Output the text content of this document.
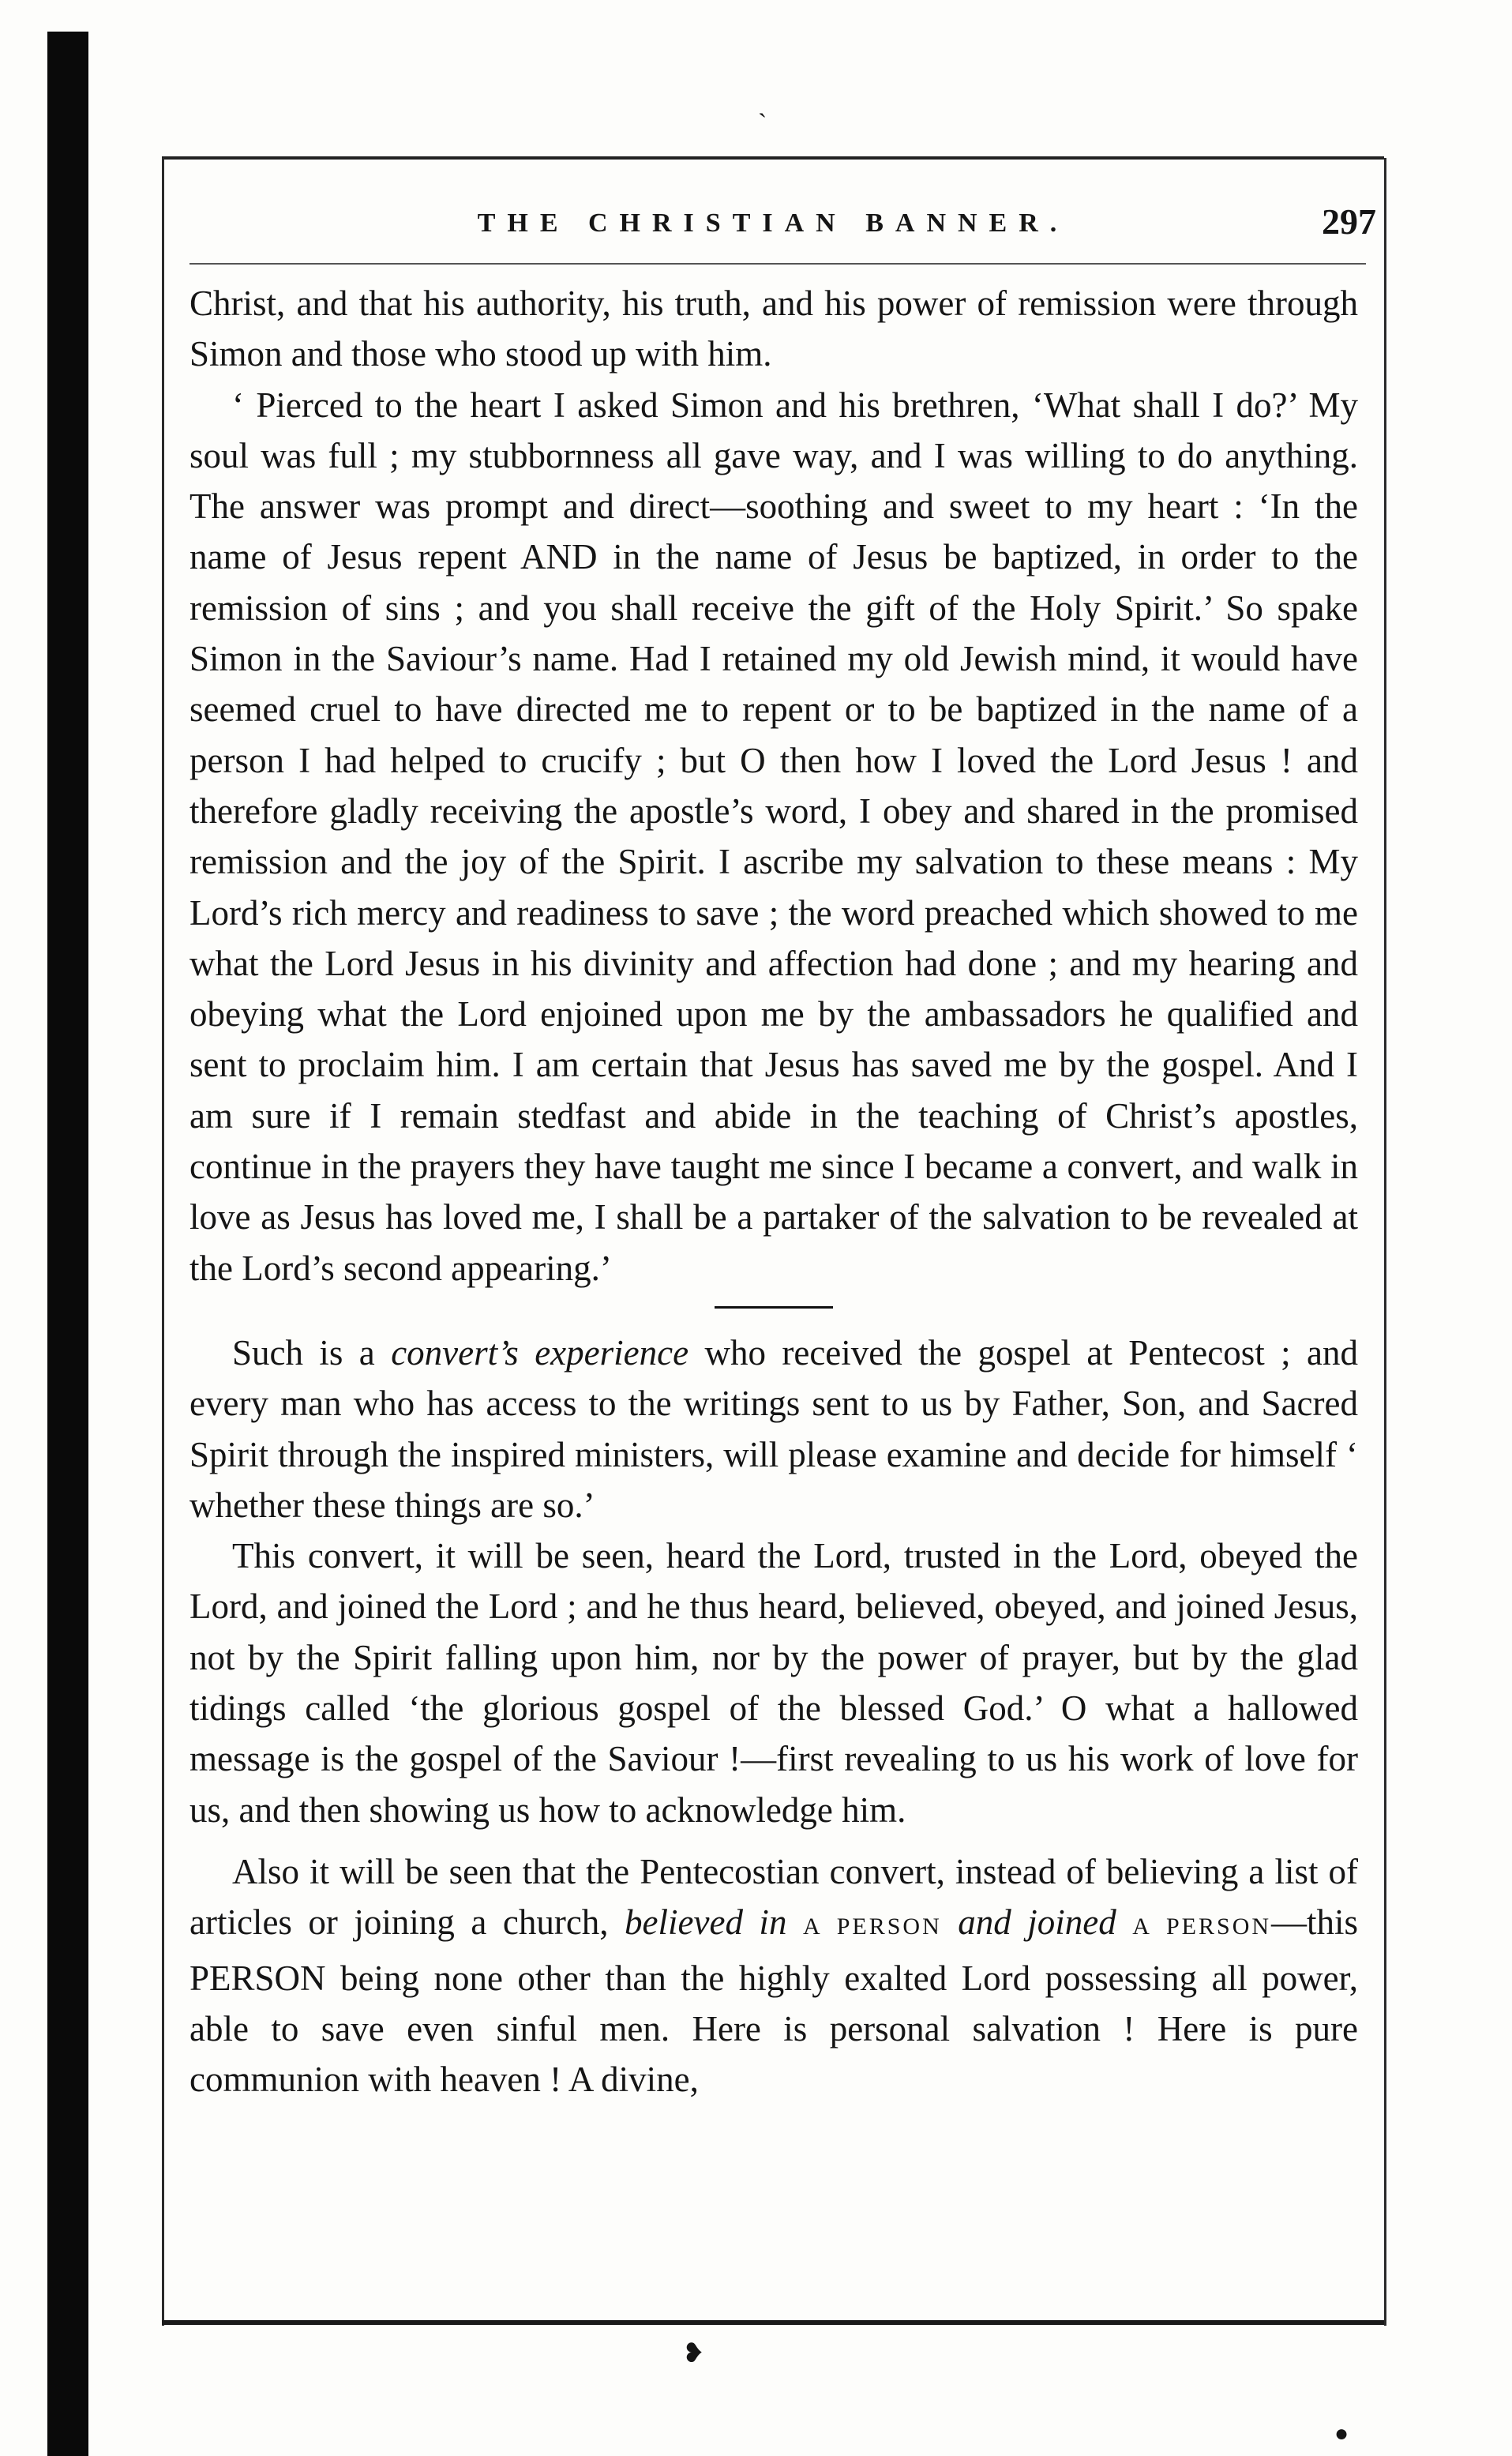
ˏ
THE CHRISTIAN BANNER.	297

Christ, and that his authority, his truth, and his power of remission were through Simon and those who stood up with him.

‘ Pierced to the heart I asked Simon and his brethren, ‘What shall I do?’ My soul was full ; my stubbornness all gave way, and I was willing to do anything. The answer was prompt and direct—soothing and sweet to my heart : ‘In the name of Jesus repent AND in the name of Jesus be baptized, in order to the remission of sins ; and you shall receive the gift of the Holy Spirit.’ So spake Simon in the Saviour’s name. Had I retained my old Jewish mind, it would have seemed cruel to have directed me to repent or to be baptized in the name of a person I had helped to crucify ; but O then how I loved the Lord Jesus ! and therefore gladly receiving the apostle’s word, I obey and shared in the promised remission and the joy of the Spirit. I ascribe my salvation to these means : My Lord’s rich mercy and readiness to save ; the word preached which showed to me what the Lord Jesus in his divinity and affection had done ; and my hearing and obeying what the Lord enjoined upon me by the ambassadors he qualified and sent to proclaim him. I am certain that Jesus has saved me by the gospel. And I am sure if I remain stedfast and abide in the teaching of Christ’s apostles, continue in the prayers they have taught me since I became a convert, and walk in love as Jesus has loved me, I shall be a partaker of the salvation to be revealed at the Lord’s second appearing.’

Such is a convert’s experience who received the gospel at Pentecost ; and every man who has access to the writings sent to us by Father, Son, and Sacred Spirit through the inspired ministers, will please examine and decide for himself ‘ whether these things are so.’

This convert, it will be seen, heard the Lord, trusted in the Lord, obeyed the Lord, and joined the Lord ; and he thus heard, believed, obeyed, and joined Jesus, not by the Spirit falling upon him, nor by the power of prayer, but by the glad tidings called ‘the glorious gospel of the blessed God.’ O what a hallowed message is the gospel of the Saviour !—first revealing to us his work of love for us, and then showing us how to acknowledge him.

Also it will be seen that the Pentecostian convert, instead of believing a list of articles or joining a church, believed in A PERSON and joined A PERSON—this PERSON being none other than the highly exalted Lord possessing all power, able to save even sinful men. Here is personal salvation ! Here is pure communion with heaven ! A divine,

❥
●
